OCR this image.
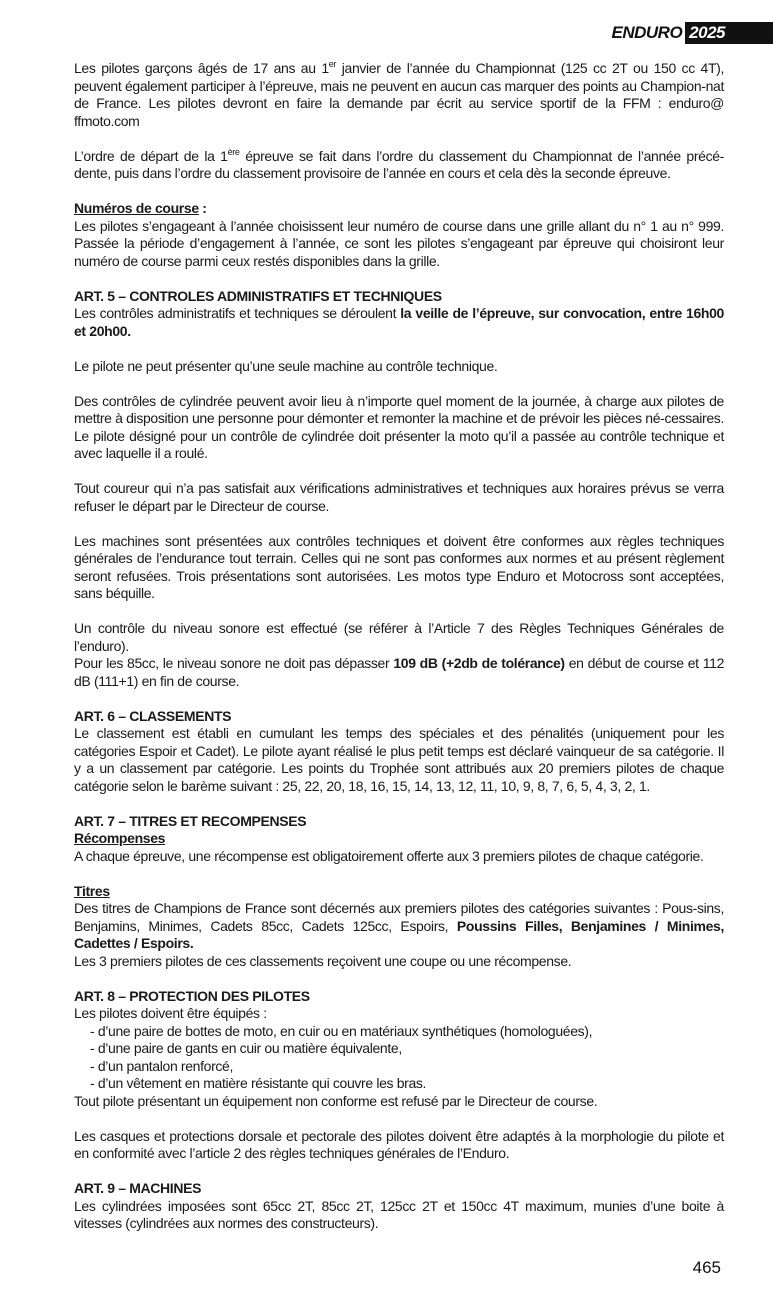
ENDURO 2025

Les pilotes garçons âgés de 17 ans au 1er janvier de l’année du Championnat (125 cc 2T ou 150 cc 4T), peuvent également participer à l’épreuve, mais ne peuvent en aucun cas marquer des points au Champion-nat de France. Les pilotes devront en faire la demande par écrit au service sportif de la FFM : enduro@ ffmoto.com

L’ordre de départ de la 1ère épreuve se fait dans l’ordre du classement du Championnat de l’année précé-dente, puis dans l’ordre du classement provisoire de l’année en cours et cela dès la seconde épreuve.

Numéros de course :

Les pilotes s’engageant à l’année choisissent leur numéro de course dans une grille allant du n° 1 au n° 999. Passée la période d’engagement à l’année, ce sont les pilotes s’engageant par épreuve qui choisiront leur numéro de course parmi ceux restés disponibles dans la grille.

ART. 5 – CONTROLES ADMINISTRATIFS ET TECHNIQUES

Les contrôles administratifs et techniques se déroulent la veille de l’épreuve, sur convocation, entre 16h00 et 20h00.

Le pilote ne peut présenter qu’une seule machine au contrôle technique.

Des contrôles de cylindrée peuvent avoir lieu à n’importe quel moment de la journée, à charge aux pilotes de mettre à disposition une personne pour démonter et remonter la machine et de prévoir les pièces né-cessaires. Le pilote désigné pour un contrôle de cylindrée doit présenter la moto qu’il a passée au contrôle technique et avec laquelle il a roulé.

Tout coureur qui n’a pas satisfait aux vérifications administratives et techniques aux horaires prévus se verra refuser le départ par le Directeur de course.

Les machines sont présentées aux contrôles techniques et doivent être conformes aux règles techniques générales de l’endurance tout terrain. Celles qui ne sont pas conformes aux normes et au présent règlement seront refusées. Trois présentations sont autorisées. Les motos type Enduro et Motocross sont acceptées, sans béquille.

Un contrôle du niveau sonore est effectué (se référer à l’Article 7 des Règles Techniques Générales de l’enduro).

Pour les 85cc, le niveau sonore ne doit pas dépasser 109 dB (+2db de tolérance) en début de course et 112 dB (111+1) en fin de course.

ART. 6 – CLASSEMENTS

Le classement est établi en cumulant les temps des spéciales et des pénalités (uniquement pour les catégories Espoir et Cadet). Le pilote ayant réalisé le plus petit temps est déclaré vainqueur de sa catégorie. Il y a un classement par catégorie. Les points du Trophée sont attribués aux 20 premiers pilotes de chaque catégorie selon le barème suivant : 25, 22, 20, 18, 16, 15, 14, 13, 12, 11, 10, 9, 8, 7, 6, 5, 4, 3, 2, 1.

ART. 7 – TITRES ET RECOMPENSES

Récompenses

A chaque épreuve, une récompense est obligatoirement offerte aux 3 premiers pilotes de chaque catégorie.

Titres

Des titres de Champions de France sont décernés aux premiers pilotes des catégories suivantes : Pous-sins, Benjamins, Minimes, Cadets 85cc, Cadets 125cc, Espoirs, Poussins Filles, Benjamines / Minimes, Cadettes / Espoirs.

Les 3 premiers pilotes de ces classements reçoivent une coupe ou une récompense.

ART. 8 – PROTECTION DES PILOTES

Les pilotes doivent être équipés :

- d’une paire de bottes de moto, en cuir ou en matériaux synthétiques (homologuées),
- d’une paire de gants en cuir ou matière équivalente,
- d’un pantalon renforcé,
- d’un vêtement en matière résistante qui couvre les bras.

Tout pilote présentant un équipement non conforme est refusé par le Directeur de course.

Les casques et protections dorsale et pectorale des pilotes doivent être adaptés à la morphologie du pilote et en conformité avec l’article 2 des règles techniques générales de l’Enduro.

ART. 9 – MACHINES

Les cylindrées imposées sont 65cc 2T, 85cc 2T, 125cc 2T et 150cc 4T maximum, munies d’une boite à vitesses (cylindrées aux normes des constructeurs).

465
